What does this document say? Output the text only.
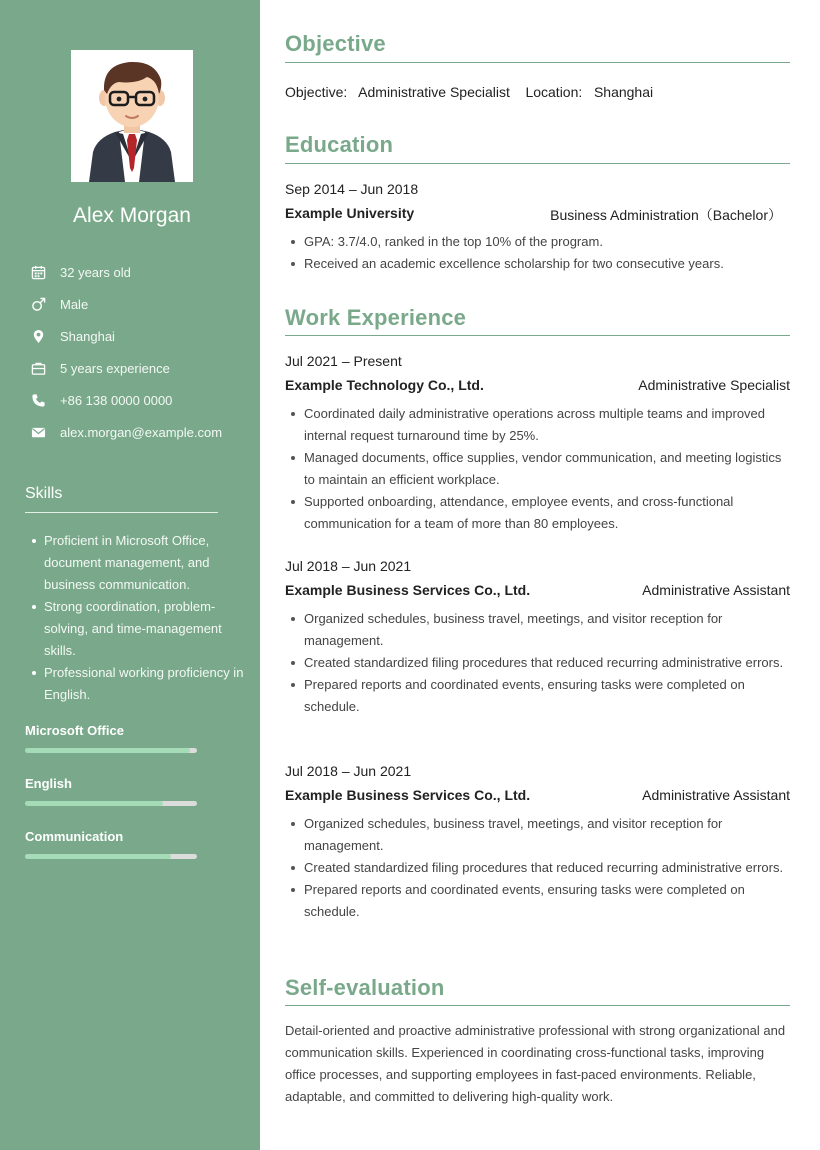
Alex Morgan
32 years old
Male
Shanghai
5 years experience
+86 138 0000 0000
alex.morgan@example.com
Skills
Proficient in Microsoft Office, document management, and business communication.
Strong coordination, problem-solving, and time-management skills.
Professional working proficiency in English.
Microsoft Office
English
Communication
Objective
Objective: Administrative Specialist Location: Shanghai
Education
Sep 2014 – Jun 2018
Example University	Business Administration（Bachelor）
GPA: 3.7/4.0, ranked in the top 10% of the program.
Received an academic excellence scholarship for two consecutive years.
Work Experience
Jul 2021 – Present
Example Technology Co., Ltd.	Administrative Specialist
Coordinated daily administrative operations across multiple teams and improved internal request turnaround time by 25%.
Managed documents, office supplies, vendor communication, and meeting logistics to maintain an efficient workplace.
Supported onboarding, attendance, employee events, and cross-functional communication for a team of more than 80 employees.
Jul 2018 – Jun 2021
Example Business Services Co., Ltd.	Administrative Assistant
Organized schedules, business travel, meetings, and visitor reception for management.
Created standardized filing procedures that reduced recurring administrative errors.
Prepared reports and coordinated events, ensuring tasks were completed on schedule.
Jul 2018 – Jun 2021
Example Business Services Co., Ltd.	Administrative Assistant
Organized schedules, business travel, meetings, and visitor reception for management.
Created standardized filing procedures that reduced recurring administrative errors.
Prepared reports and coordinated events, ensuring tasks were completed on schedule.
Self-evaluation
Detail-oriented and proactive administrative professional with strong organizational and communication skills. Experienced in coordinating cross-functional tasks, improving office processes, and supporting employees in fast-paced environments. Reliable, adaptable, and committed to delivering high-quality work.
